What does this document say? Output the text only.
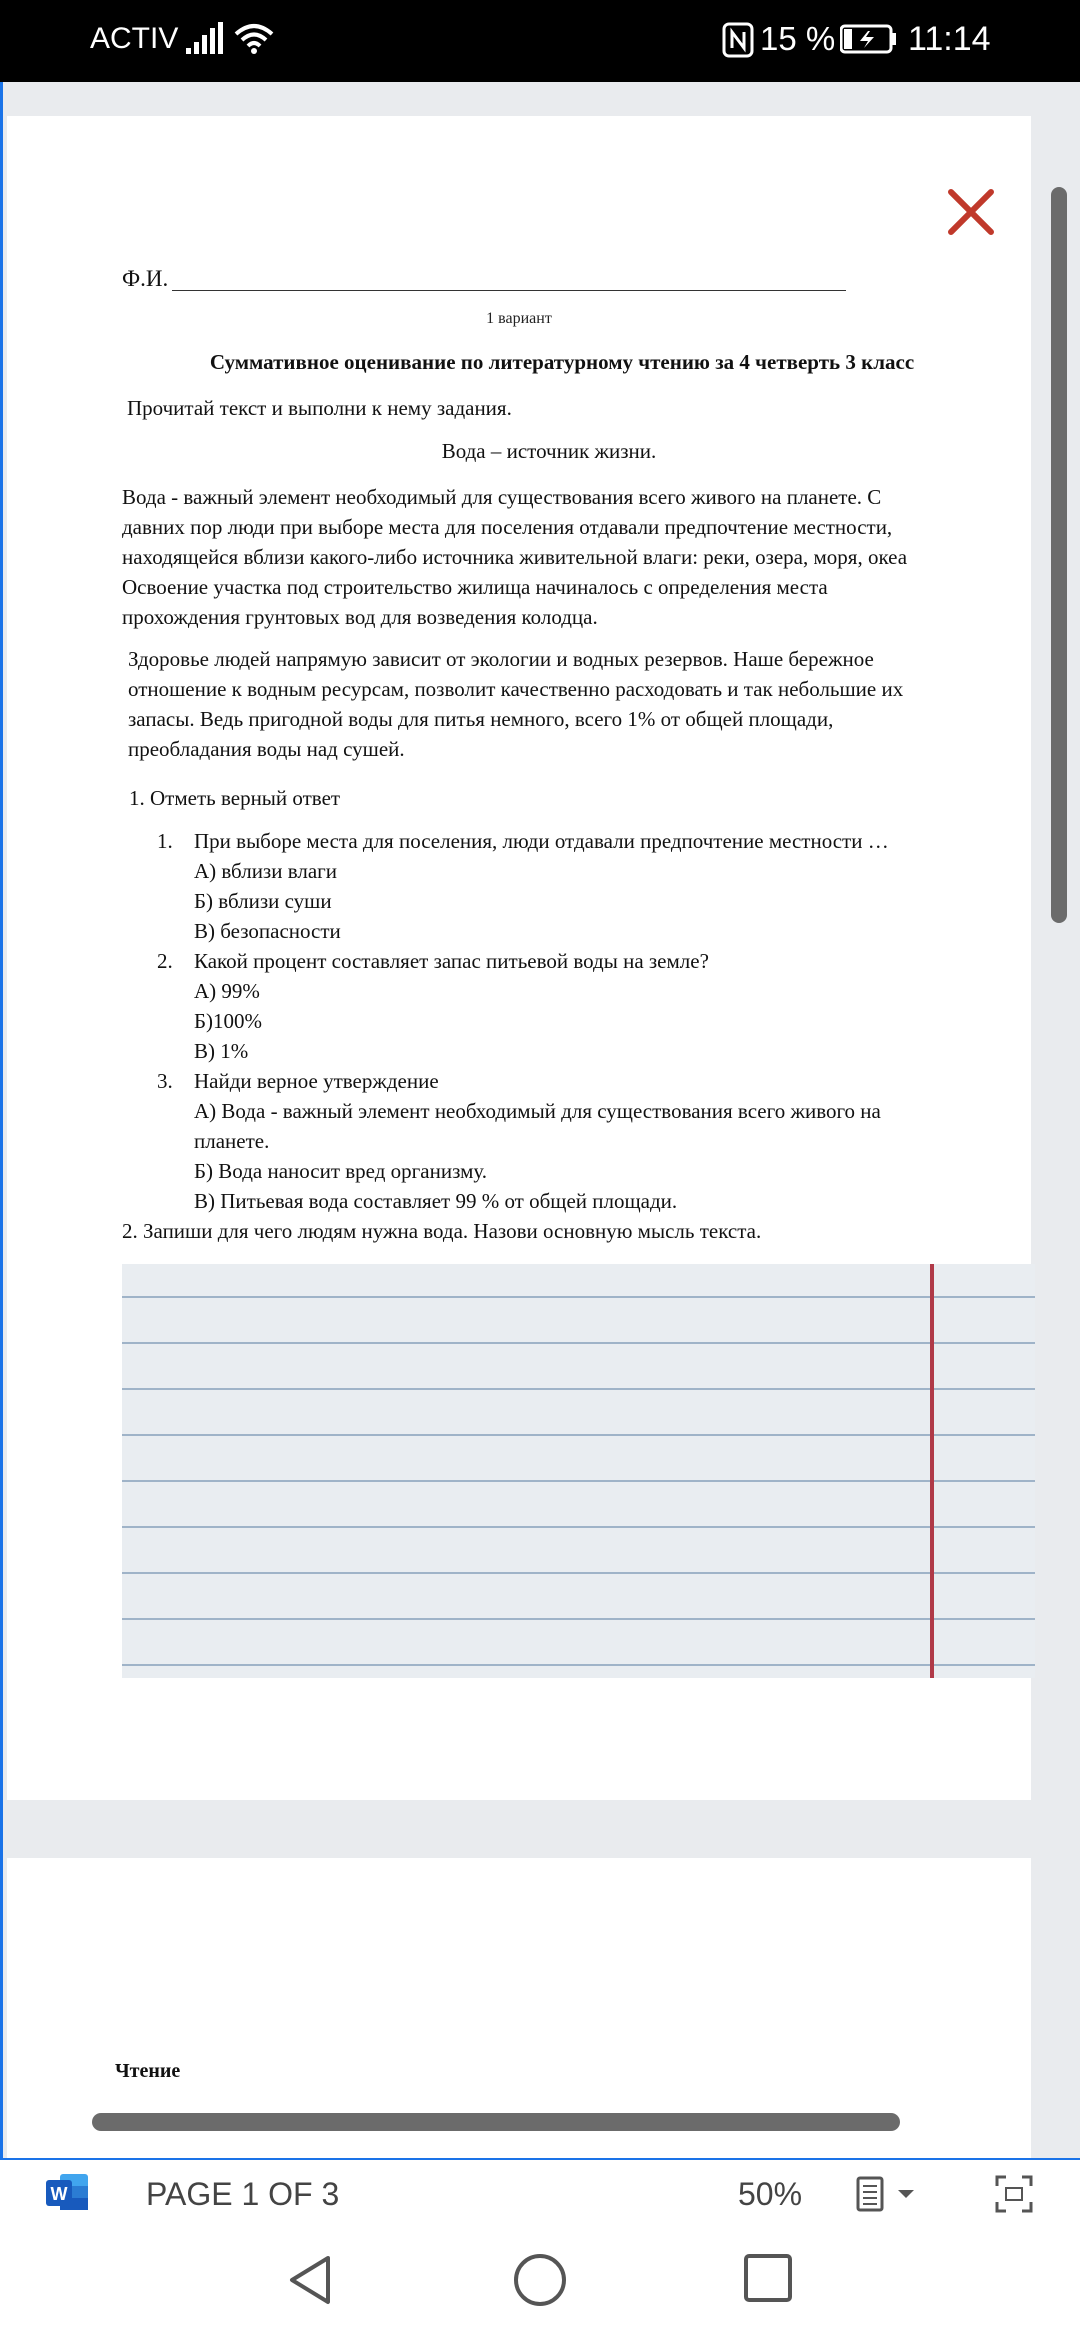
ACTIV	15 % 11:14
Ф.И.
1 вариант
Суммативное оценивание по литературному чтению за 4 четверть 3 класс
Прочитай текст и выполни к нему задания.
Вода – источник жизни.
Вода - важный элемент необходимый для существования всего живого на планете. С
давних пор люди при выборе места для поселения отдавали предпочтение местности,
находящейся вблизи какого-либо источника живительной влаги: реки, озера, моря, океа
Освоение участка под строительство жилища начиналось с определения места
прохождения грунтовых вод для возведения колодца.
Здоровье людей напрямую зависит от экологии и водных резервов. Наше бережное
отношение к водным ресурсам, позволит качественно расходовать и так небольшие их
запасы. Ведь пригодной воды для питья немного, всего 1% от общей площади,
преобладания воды над сушей.
1. Отметь верный ответ
1. При выборе места для поселения, люди отдавали предпочтение местности …
А) вблизи влаги
Б) вблизи суши
В) безопасности
2. Какой процент составляет запас питьевой воды на земле?
А) 99%
Б)100%
В) 1%
3. Найди верное утверждение
А) Вода - важный элемент необходимый для существования всего живого на
планете.
Б) Вода наносит вред организму.
В) Питьевая вода составляет 99 % от общей площади.
2. Запиши для чего людям нужна вода. Назови основную мысль текста.
Чтение
W PAGE 1 OF 3	50%
